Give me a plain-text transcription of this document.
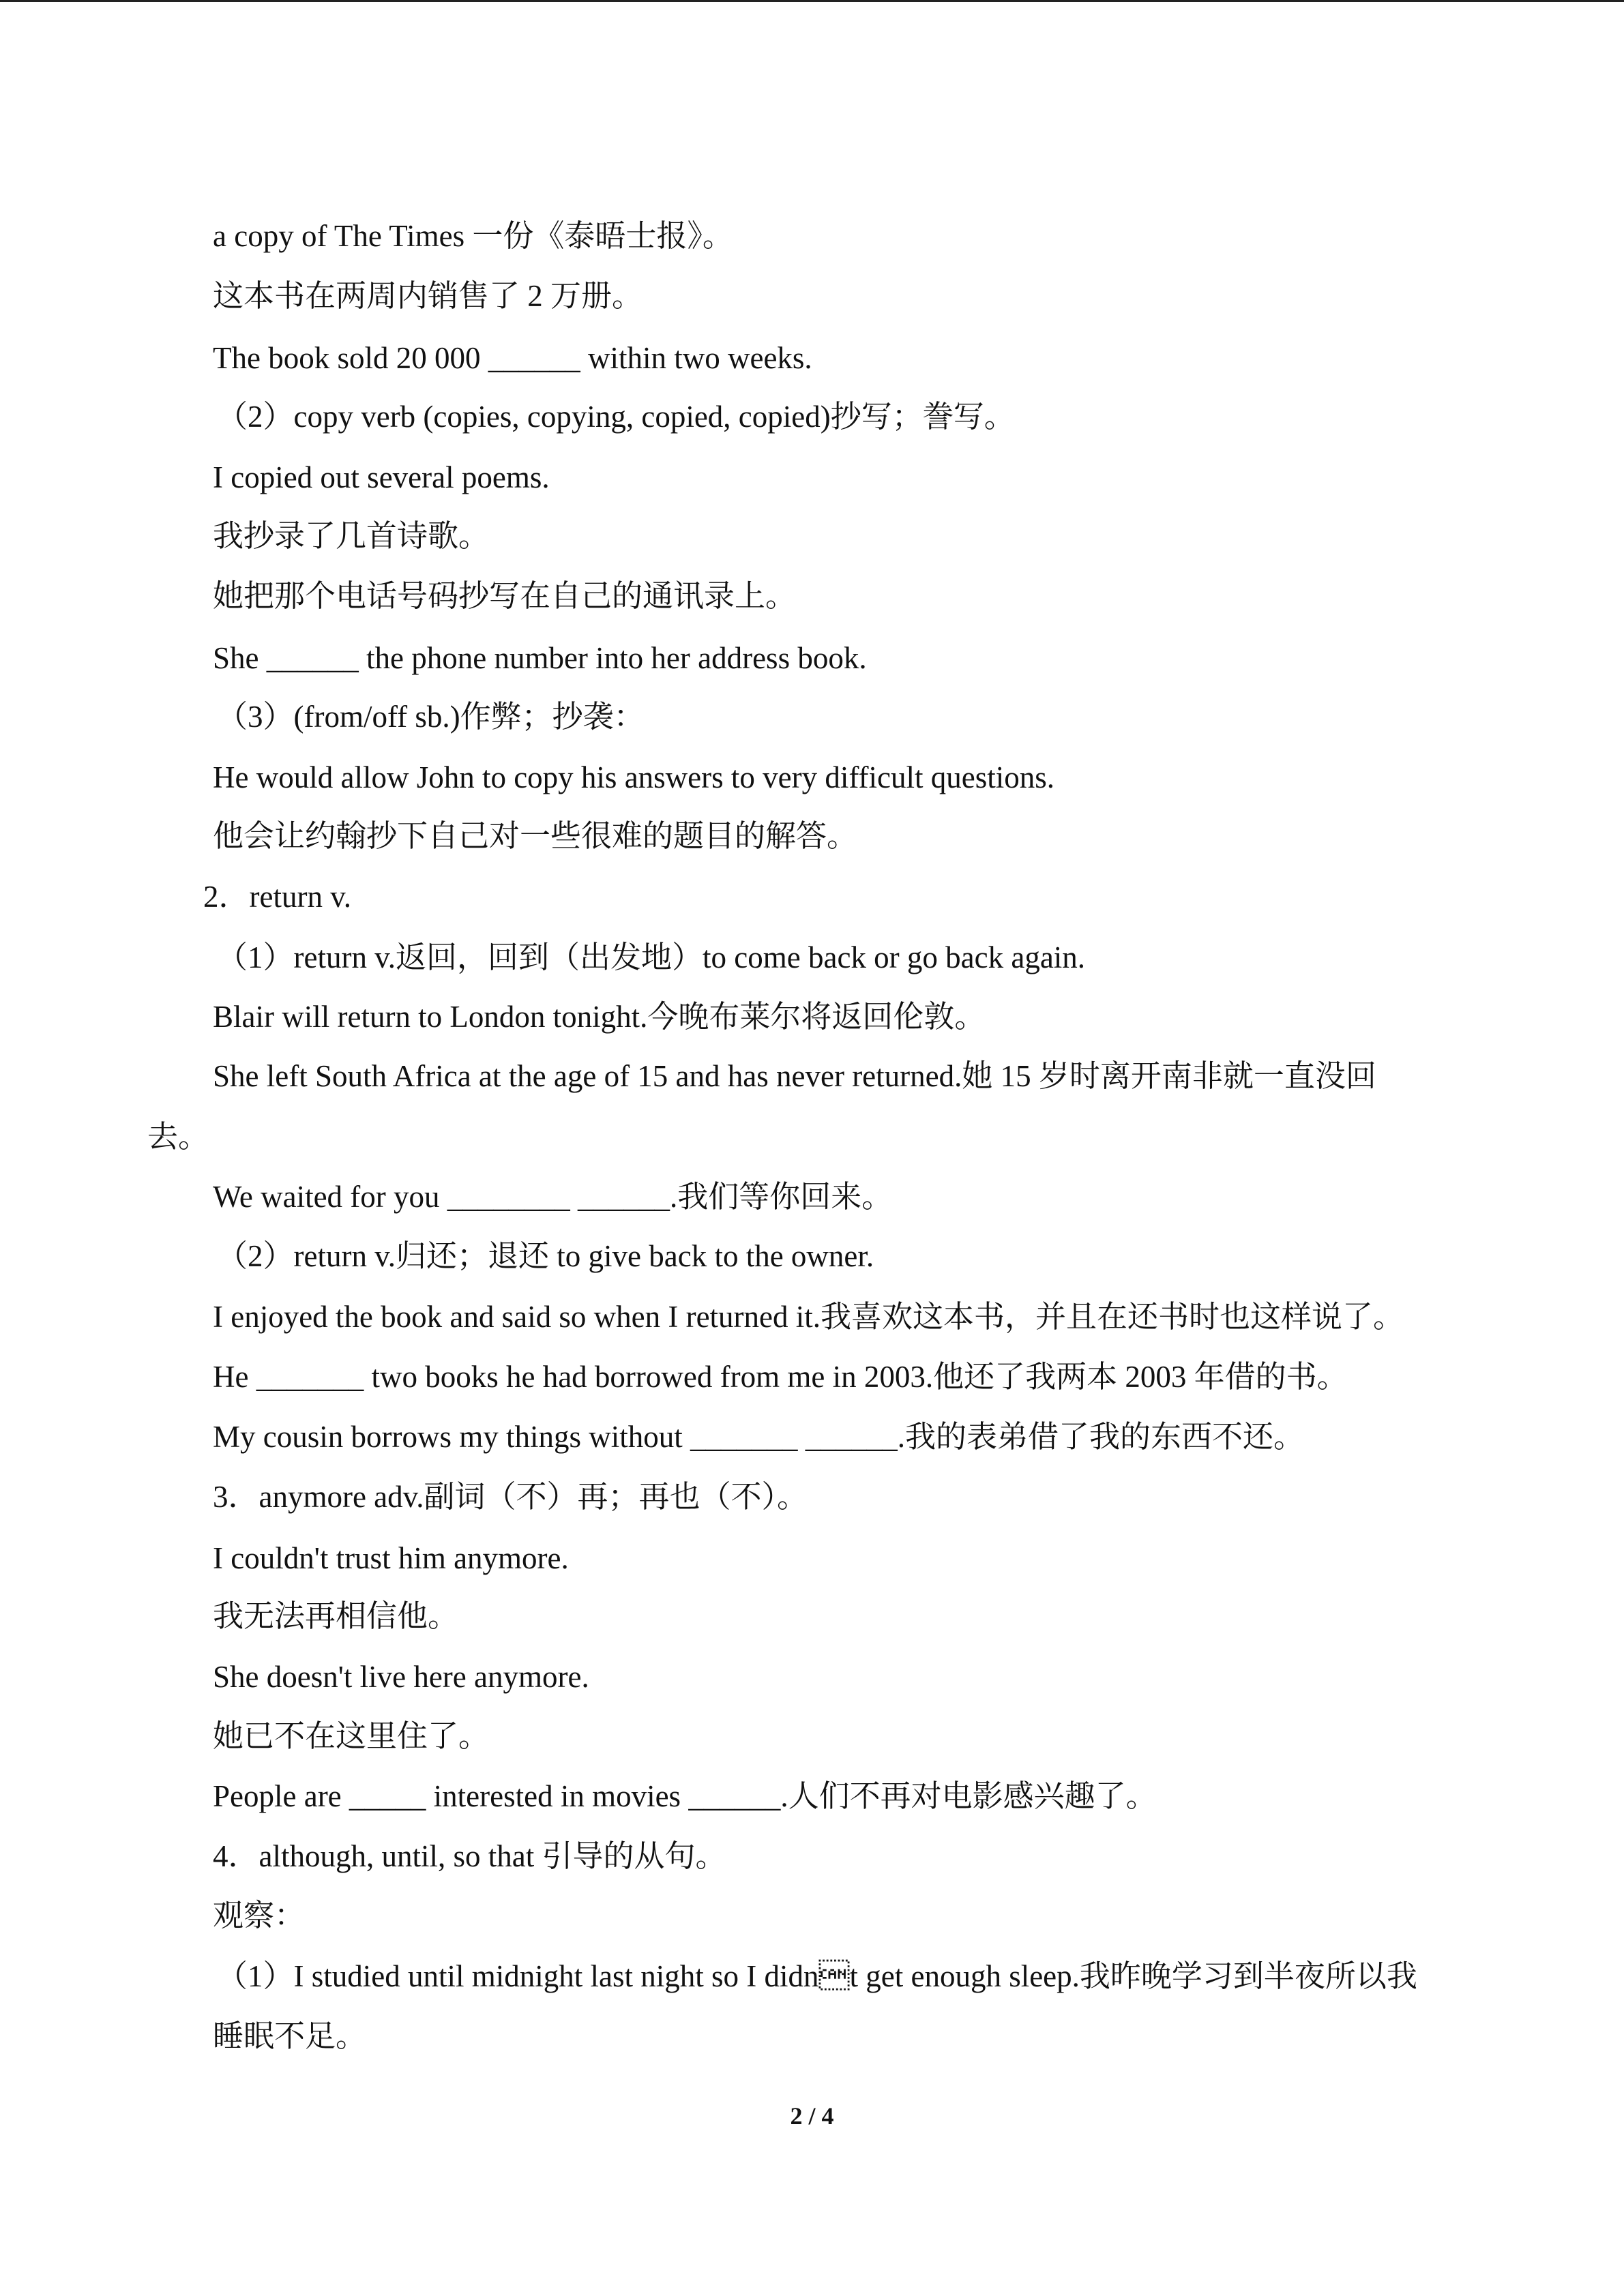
a copy of The Times 一份《泰晤士报》。
这本书在两周内销售了 2 万册。
The book sold 20 000 ______ within two weeks.
（2）copy verb (copies, copying, copied, copied)抄写；誊写。
I copied out several poems.
我抄录了几首诗歌。
她把那个电话号码抄写在自己的通讯录上。
She ______ the phone number into her address book.
（3）(from/off sb.)作弊；抄袭：
He would allow John to copy his answers to very difficult questions.
他会让约翰抄下自己对一些很难的题目的解答。
2．return v.
（1）return v.返回，回到（出发地）to come back or go back again.
Blair will return to London tonight.今晚布莱尔将返回伦敦。
She left South Africa at the age of 15 and has never returned.她 15 岁时离开南非就一直没回
去。
We waited for you ________ ______.我们等你回来。
（2）return v.归还；退还 to give back to the owner.
I enjoyed the book and said so when I returned it.我喜欢这本书，并且在还书时也这样说了。
He _______ two books he had borrowed from me in 2003.他还了我两本 2003 年借的书。
My cousin borrows my things without _______ ______.我的表弟借了我的东西不还。
3．anymore adv.副词（不）再；再也（不）。
I couldn't trust him anymore.
我无法再相信他。
She doesn't live here anymore.
她已不在这里住了。
People are _____ interested in movies ______.人们不再对电影感兴趣了。
4．although, until, so that 引导的从句。
观察：
（1）I studied until midnight last night so I didnt get enough sleep.我昨晚学习到半夜所以我
睡眠不足。
2 / 4
